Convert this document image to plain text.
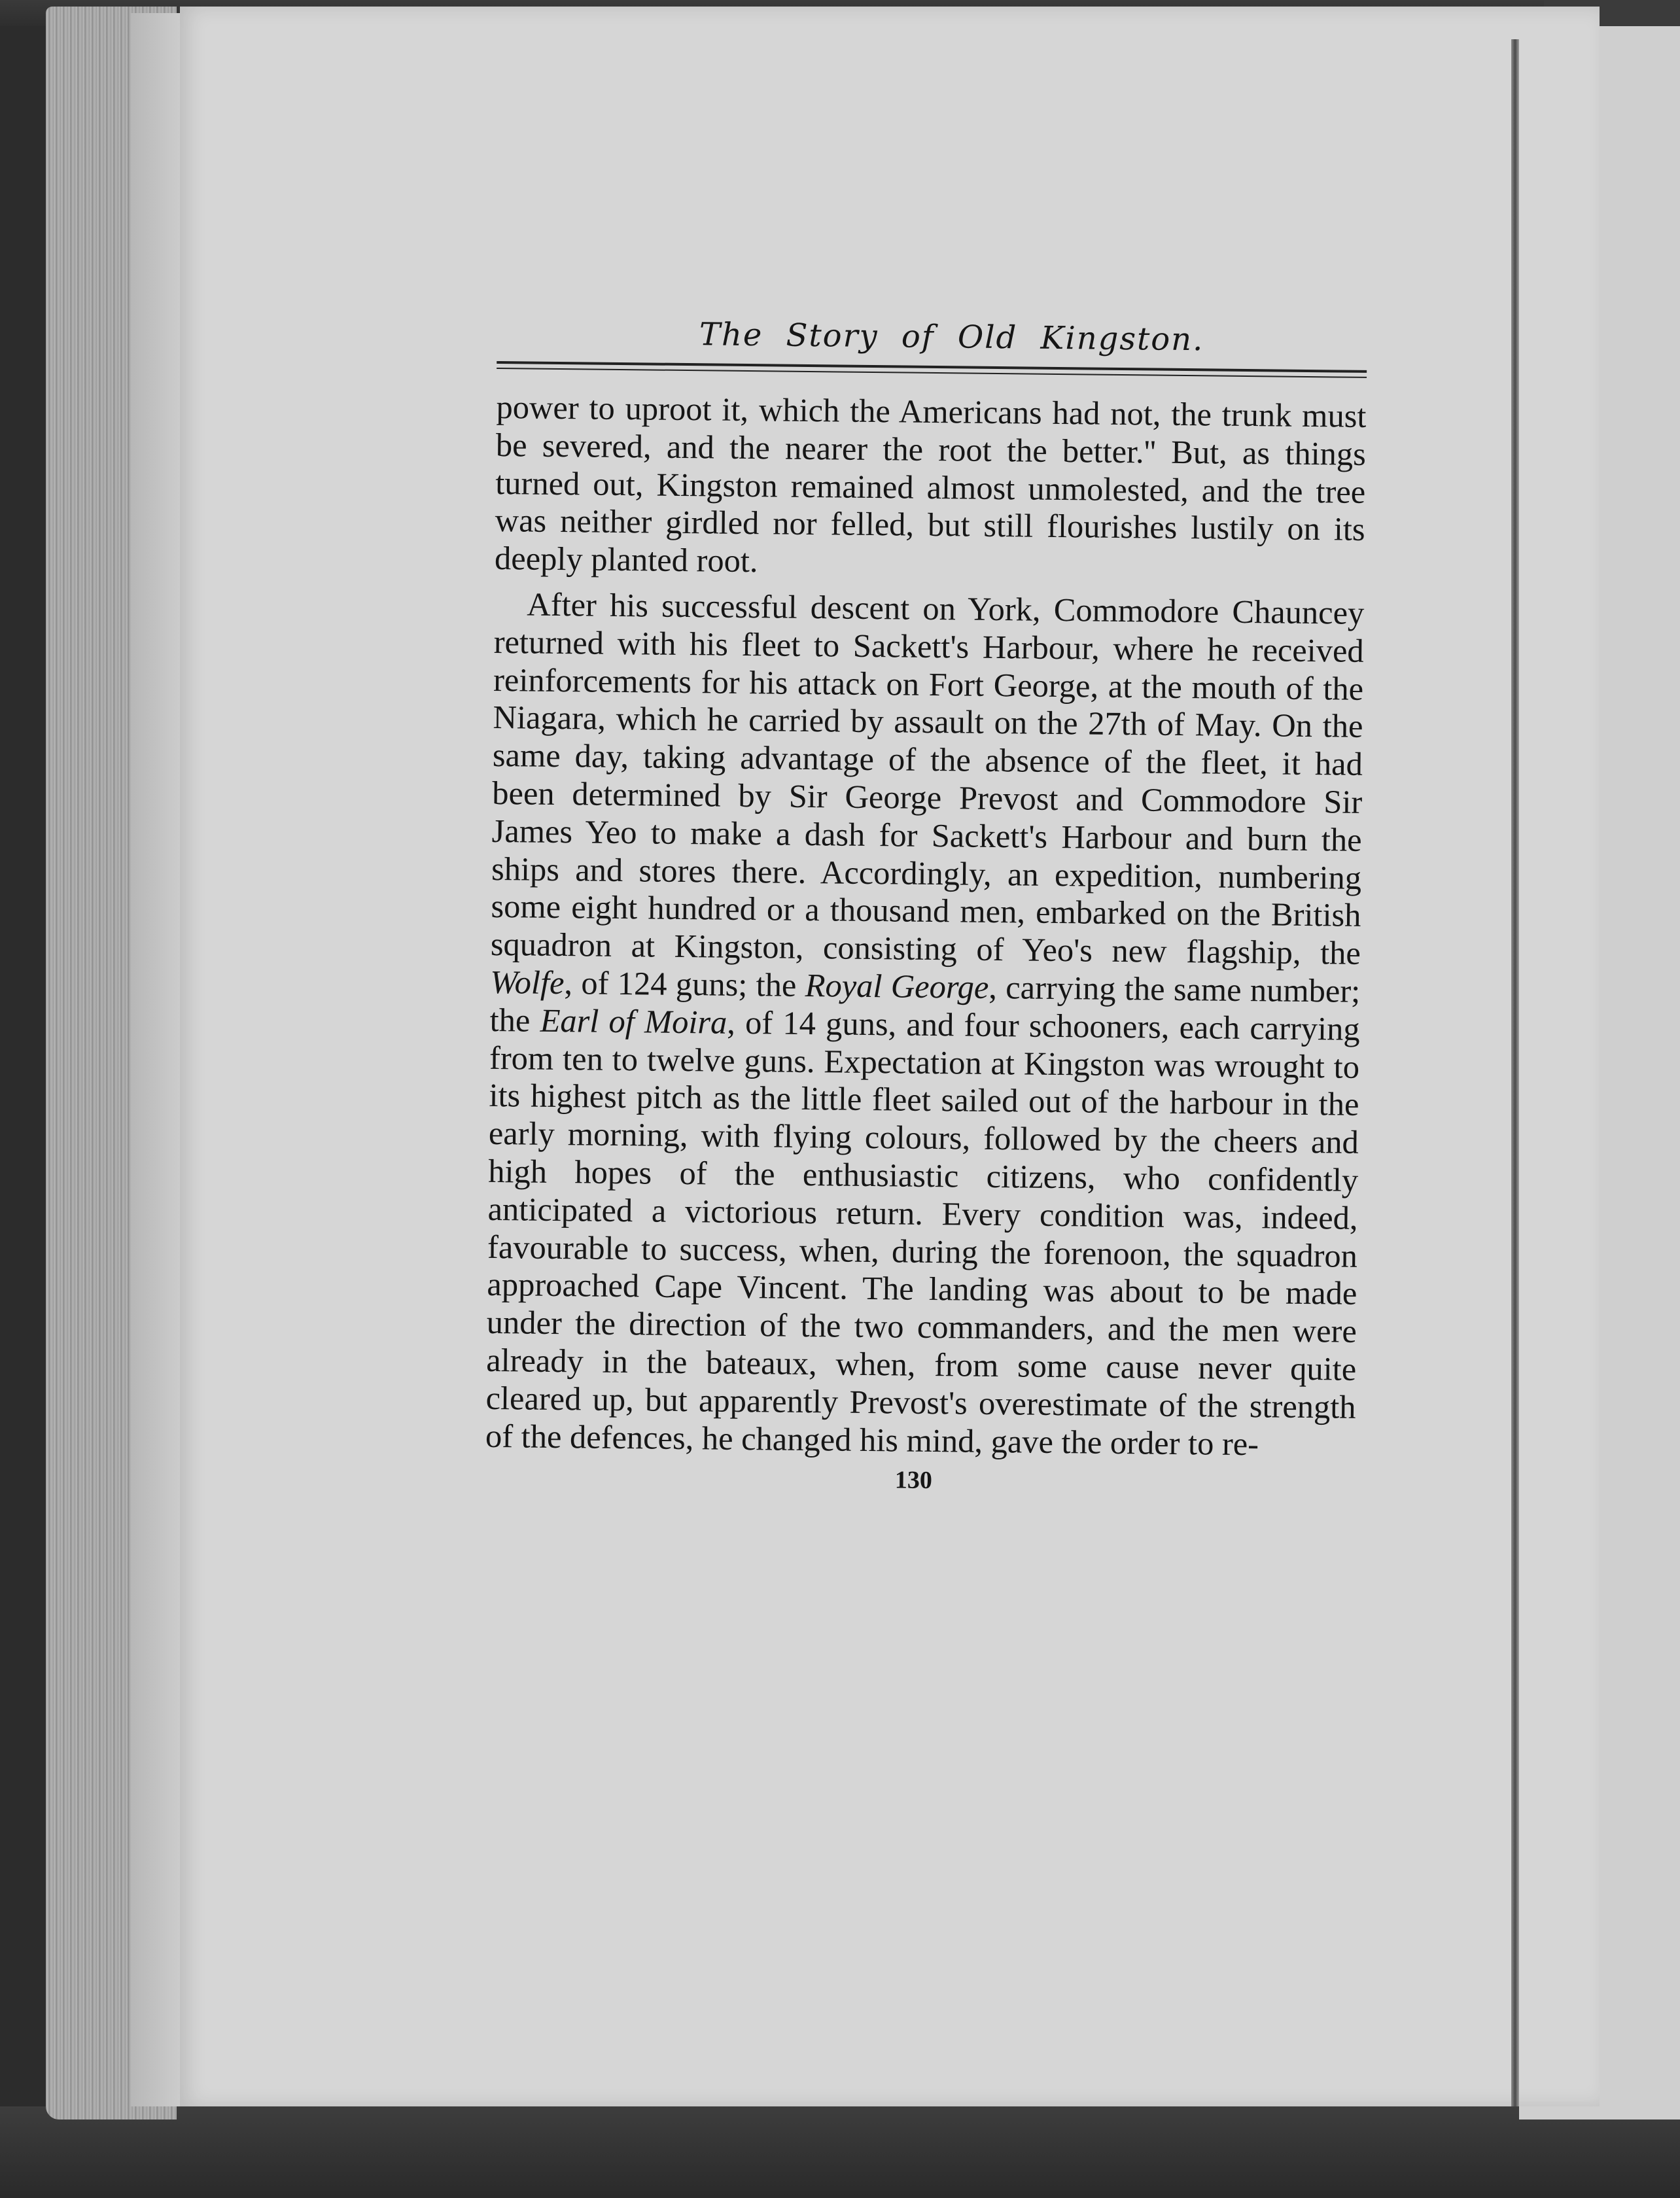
The Story of Old Kingston.

power to uproot it, which the Americans had not, the trunk must be severed, and the nearer the root the better.'' But, as things turned out, Kingston remained almost unmolested, and the tree was neither girdled nor felled, but still flourishes lustily on its deeply planted root.

After his successful descent on York, Commodore Chauncey returned with his fleet to Sackett's Harbour, where he received reinforcements for his attack on Fort George, at the mouth of the Niagara, which he carried by assault on the 27th of May. On the same day, taking advantage of the absence of the fleet, it had been determined by Sir George Prevost and Commodore Sir James Yeo to make a dash for Sackett's Harbour and burn the ships and stores there. Accordingly, an expedition, numbering some eight hundred or a thousand men, embarked on the British squadron at Kingston, consisting of Yeo's new flagship, the Wolfe, of 124 guns; the Royal George, carrying the same number; the Earl of Moira, of 14 guns, and four schooners, each carrying from ten to twelve guns. Expectation at Kingston was wrought to its highest pitch as the little fleet sailed out of the harbour in the early morning, with flying colours, followed by the cheers and high hopes of the enthusiastic citizens, who confidently anticipated a victorious return. Every condition was, indeed, favourable to success, when, during the forenoon, the squadron approached Cape Vincent. The landing was about to be made under the direction of the two commanders, and the men were already in the bateaux, when, from some cause never quite cleared up, but apparently Prevost's overestimate of the strength of the defences, he changed his mind, gave the order to re-

130
